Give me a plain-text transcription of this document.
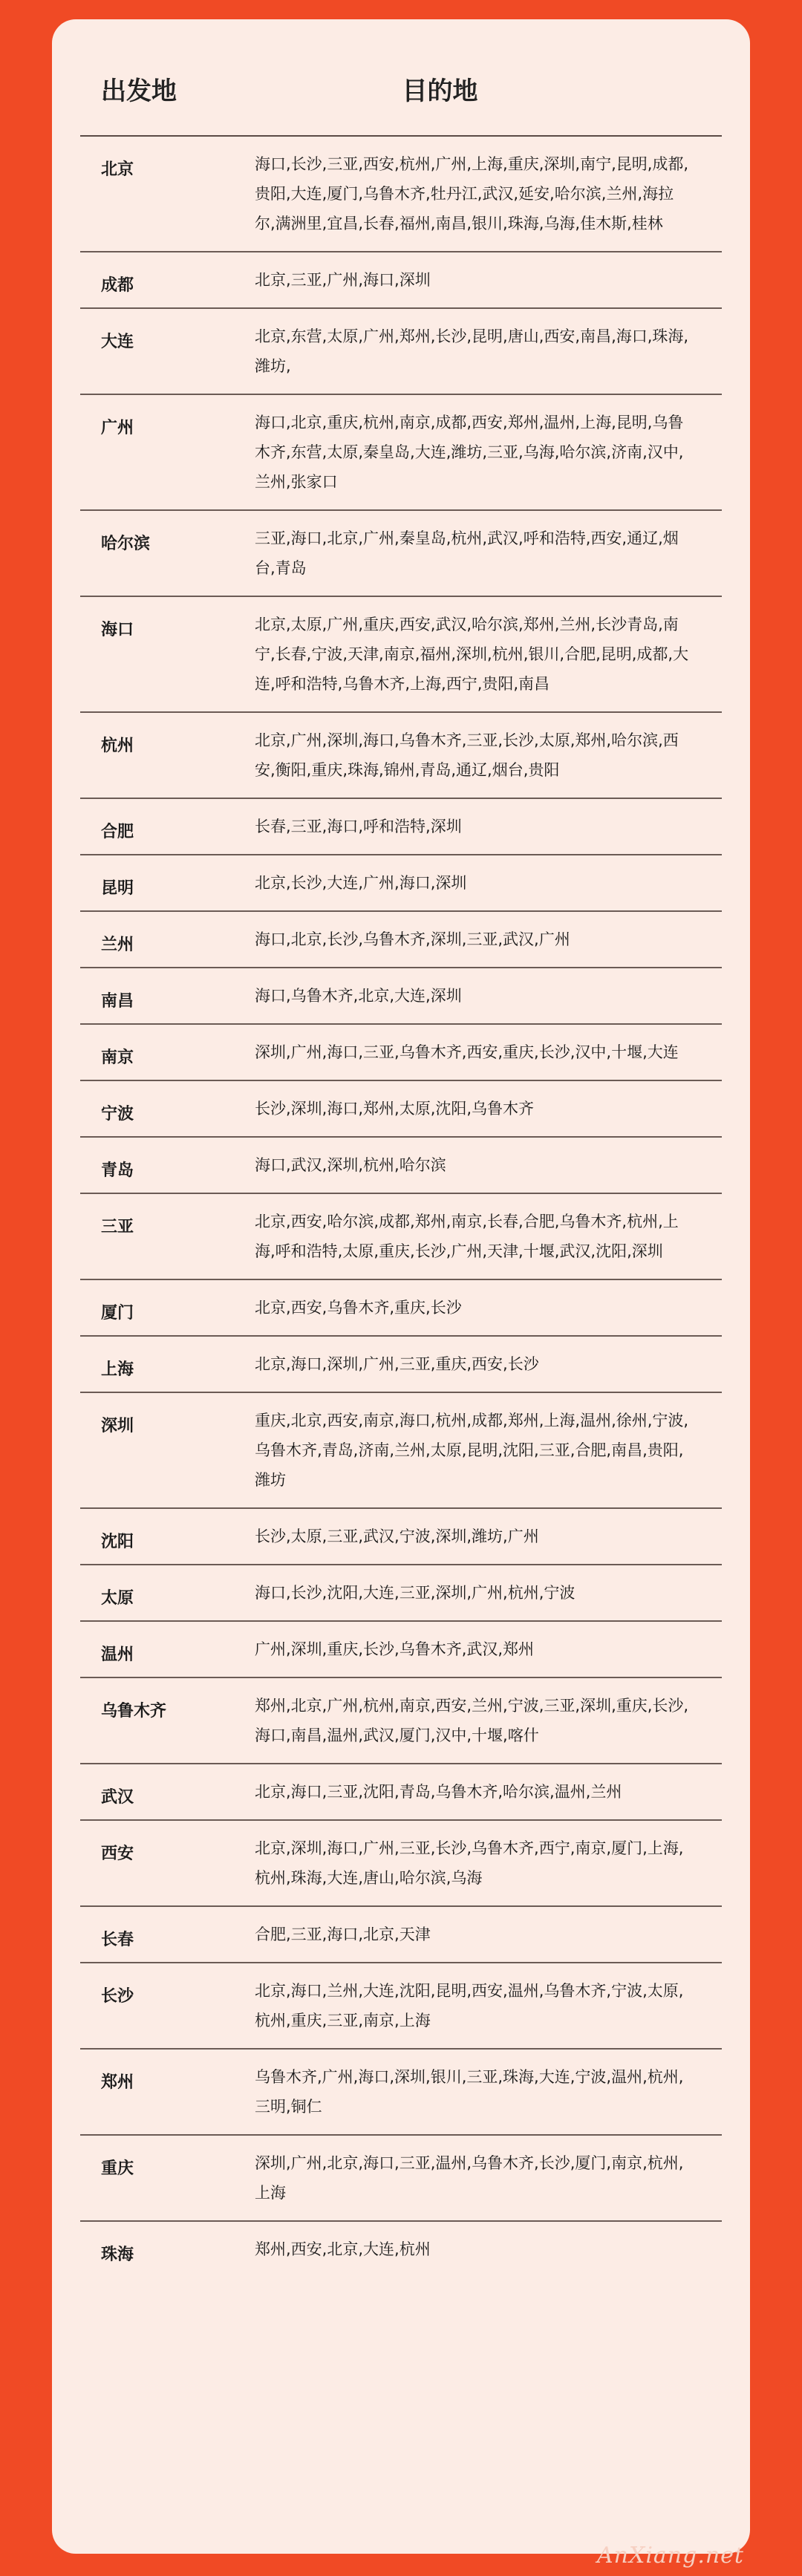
出发地	目的地
北京	海口,长沙,三亚,西安,杭州,广州,上海,重庆,深圳,南宁,昆明,成都,贵阳,大连,厦门,乌鲁木齐,牡丹江,武汉,延安,哈尔滨,兰州,海拉尔,满洲里,宜昌,长春,福州,南昌,银川,珠海,乌海,佳木斯,桂林
成都	北京,三亚,广州,海口,深圳
大连	北京,东营,太原,广州,郑州,长沙,昆明,唐山,西安,南昌,海口,珠海,潍坊,
广州	海口,北京,重庆,杭州,南京,成都,西安,郑州,温州,上海,昆明,乌鲁木齐,东营,太原,秦皇岛,大连,潍坊,三亚,乌海,哈尔滨,济南,汉中,兰州,张家口
哈尔滨	三亚,海口,北京,广州,秦皇岛,杭州,武汉,呼和浩特,西安,通辽,烟台,青岛
海口	北京,太原,广州,重庆,西安,武汉,哈尔滨,郑州,兰州,长沙青岛,南宁,长春,宁波,天津,南京,福州,深圳,杭州,银川,合肥,昆明,成都,大连,呼和浩特,乌鲁木齐,上海,西宁,贵阳,南昌
杭州	北京,广州,深圳,海口,乌鲁木齐,三亚,长沙,太原,郑州,哈尔滨,西安,衡阳,重庆,珠海,锦州,青岛,通辽,烟台,贵阳
合肥	长春,三亚,海口,呼和浩特,深圳
昆明	北京,长沙,大连,广州,海口,深圳
兰州	海口,北京,长沙,乌鲁木齐,深圳,三亚,武汉,广州
南昌	海口,乌鲁木齐,北京,大连,深圳
南京	深圳,广州,海口,三亚,乌鲁木齐,西安,重庆,长沙,汉中,十堰,大连
宁波	长沙,深圳,海口,郑州,太原,沈阳,乌鲁木齐
青岛	海口,武汉,深圳,杭州,哈尔滨
三亚	北京,西安,哈尔滨,成都,郑州,南京,长春,合肥,乌鲁木齐,杭州,上海,呼和浩特,太原,重庆,长沙,广州,天津,十堰,武汉,沈阳,深圳
厦门	北京,西安,乌鲁木齐,重庆,长沙
上海	北京,海口,深圳,广州,三亚,重庆,西安,长沙
深圳	重庆,北京,西安,南京,海口,杭州,成都,郑州,上海,温州,徐州,宁波,乌鲁木齐,青岛,济南,兰州,太原,昆明,沈阳,三亚,合肥,南昌,贵阳,潍坊
沈阳	长沙,太原,三亚,武汉,宁波,深圳,潍坊,广州
太原	海口,长沙,沈阳,大连,三亚,深圳,广州,杭州,宁波
温州	广州,深圳,重庆,长沙,乌鲁木齐,武汉,郑州
乌鲁木齐	郑州,北京,广州,杭州,南京,西安,兰州,宁波,三亚,深圳,重庆,长沙,海口,南昌,温州,武汉,厦门,汉中,十堰,喀什
武汉	北京,海口,三亚,沈阳,青岛,乌鲁木齐,哈尔滨,温州,兰州
西安	北京,深圳,海口,广州,三亚,长沙,乌鲁木齐,西宁,南京,厦门,上海,杭州,珠海,大连,唐山,哈尔滨,乌海
长春	合肥,三亚,海口,北京,天津
长沙	北京,海口,兰州,大连,沈阳,昆明,西安,温州,乌鲁木齐,宁波,太原,杭州,重庆,三亚,南京,上海
郑州	乌鲁木齐,广州,海口,深圳,银川,三亚,珠海,大连,宁波,温州,杭州,三明,铜仁
重庆	深圳,广州,北京,海口,三亚,温州,乌鲁木齐,长沙,厦门,南京,杭州,上海
珠海	郑州,西安,北京,大连,杭州
AnXiang.net
